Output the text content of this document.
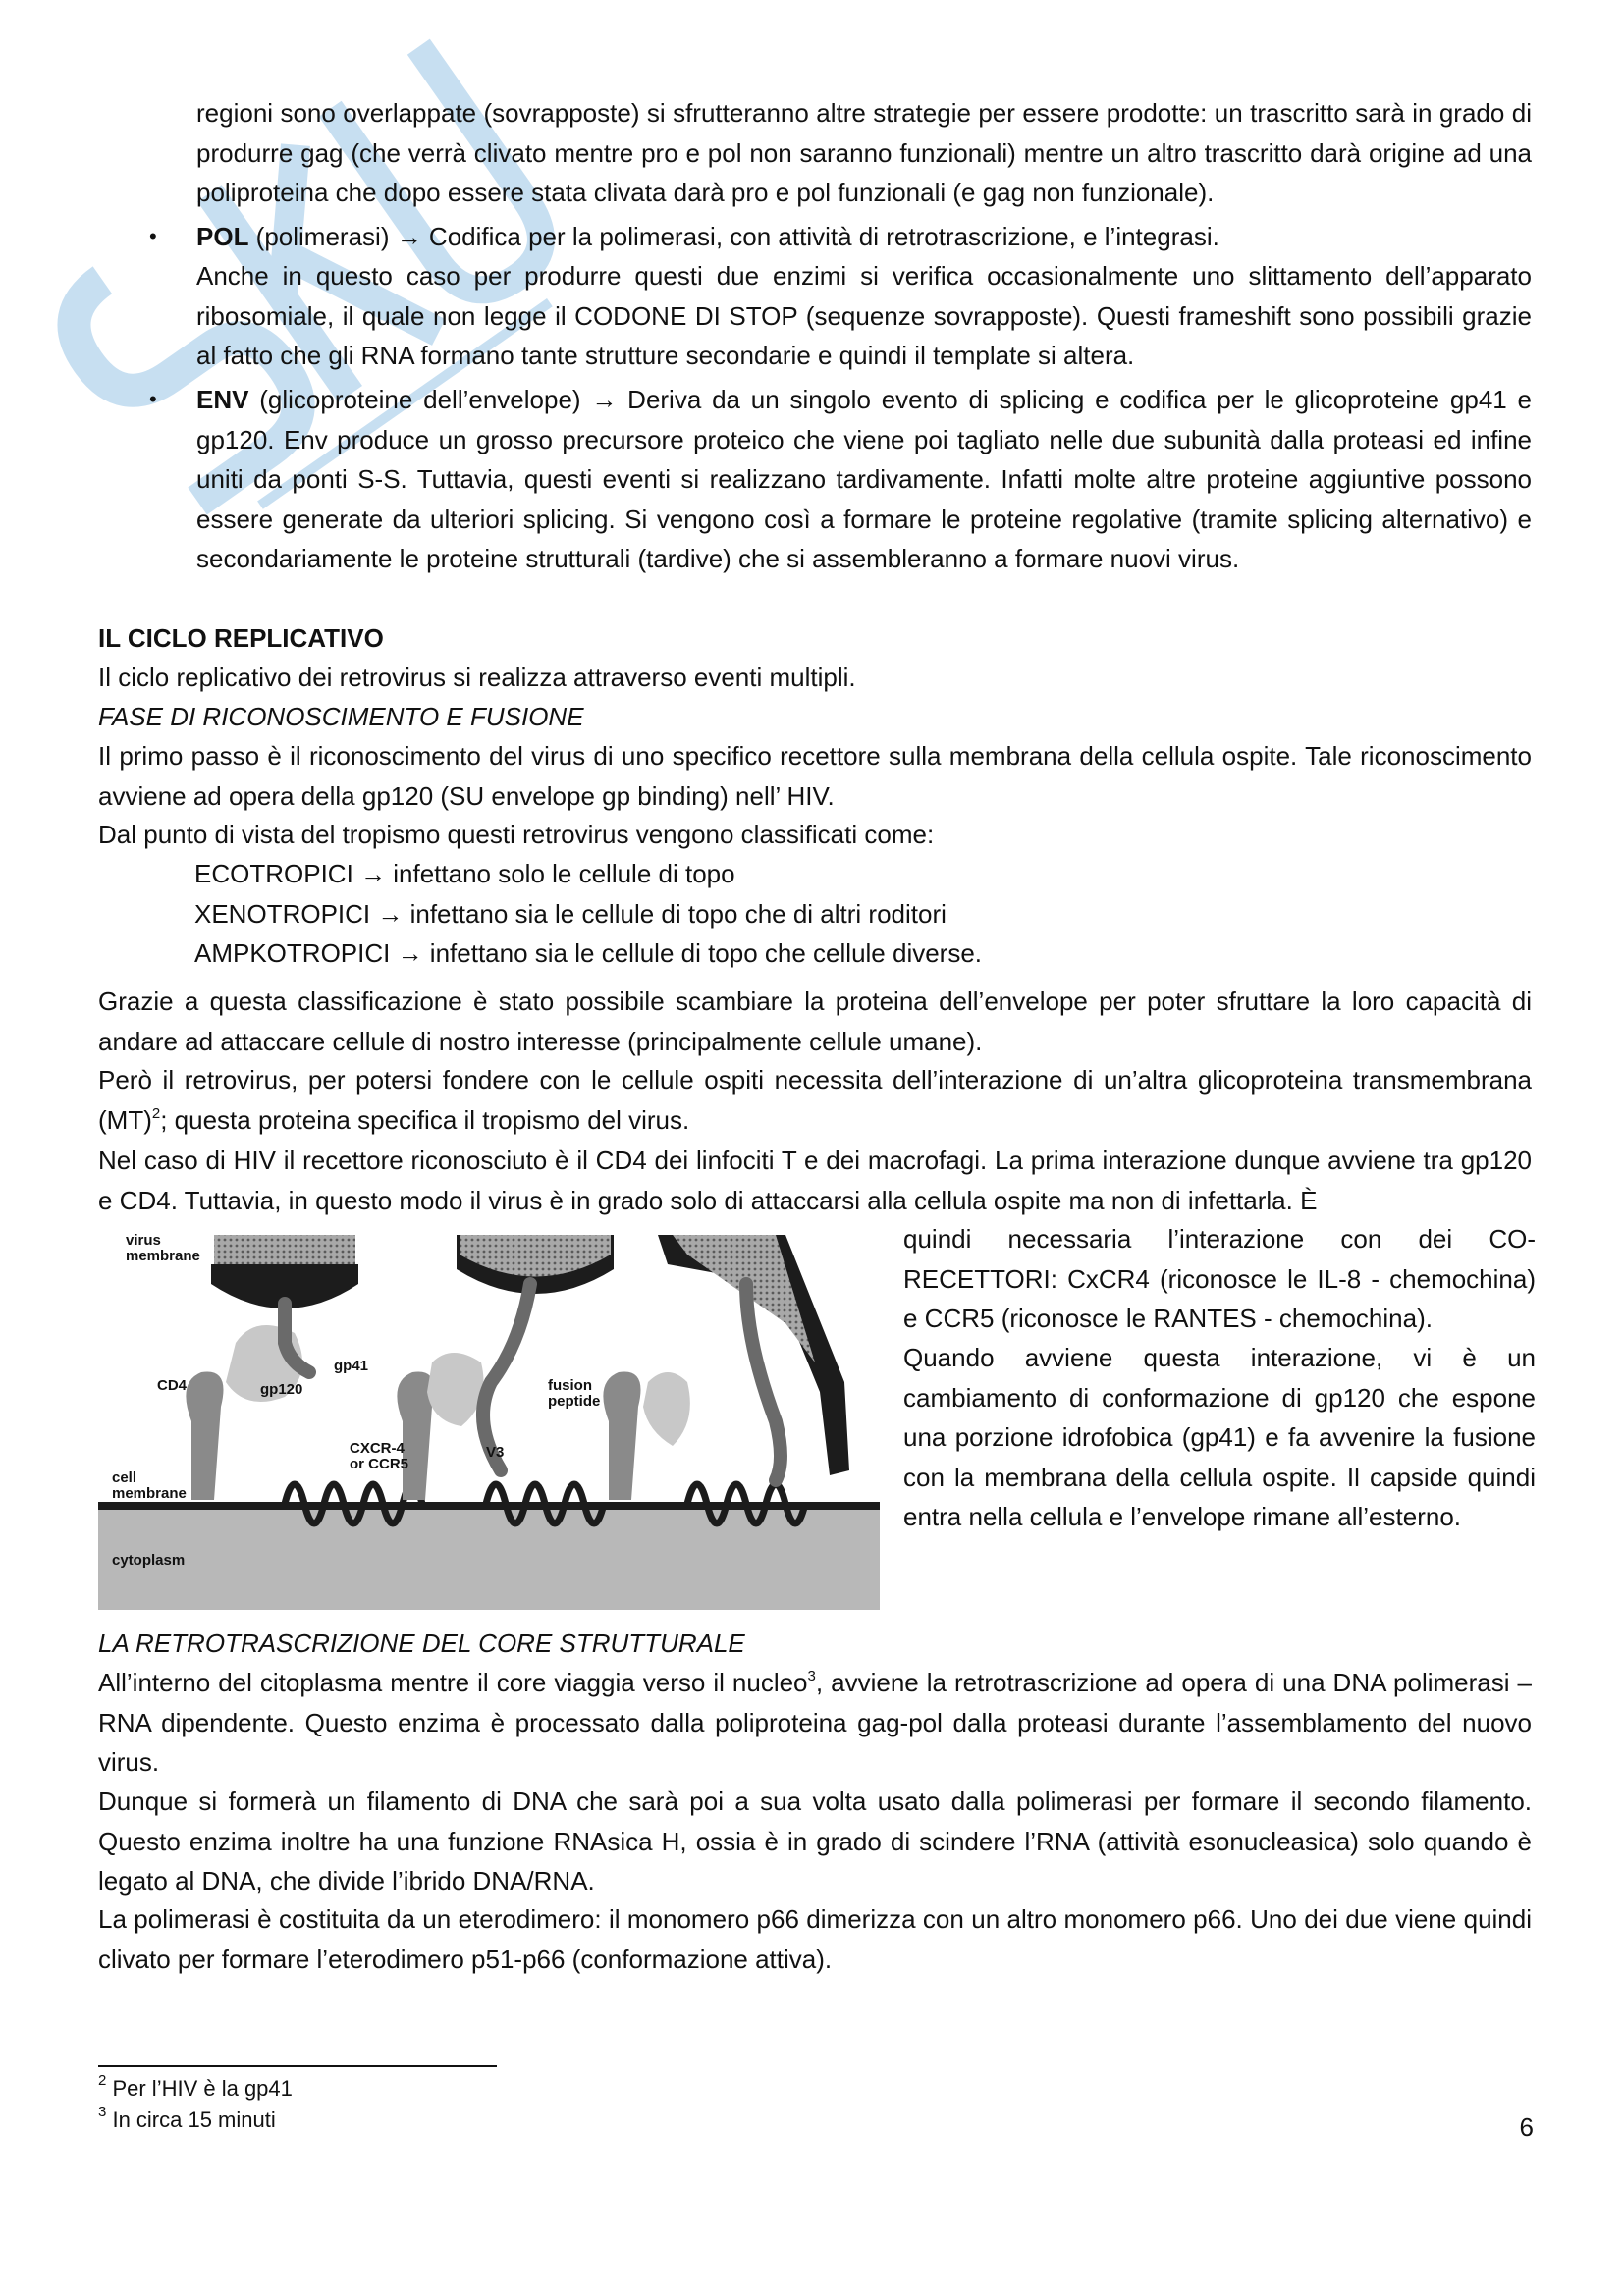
regioni sono overlappate (sovrapposte) si sfrutteranno altre strategie per essere prodotte: un trascritto sarà in grado di produrre gag (che verrà clivato mentre pro e pol non saranno funzionali) mentre un altro trascritto darà origine ad una poliproteina che dopo essere stata clivata darà pro e pol funzionali (e gag non funzionale).
• POL (polimerasi) → Codifica per la polimerasi, con attività di retrotrascrizione, e l’integrasi.
Anche in questo caso per produrre questi due enzimi si verifica occasionalmente uno slittamento dell’apparato ribosomiale, il quale non legge il CODONE DI STOP (sequenze sovrapposte). Questi frameshift sono possibili grazie al fatto che gli RNA formano tante strutture secondarie e quindi il template si altera.
• ENV (glicoproteine dell’envelope) → Deriva da un singolo evento di splicing e codifica per le glicoproteine gp41 e gp120. Env produce un grosso precursore proteico che viene poi tagliato nelle due subunità dalla proteasi ed infine uniti da ponti S-S. Tuttavia, questi eventi si realizzano tardivamente. Infatti molte altre proteine aggiuntive possono essere generate da ulteriori splicing. Si vengono così a formare le proteine regolative (tramite splicing alternativo) e secondariamente le proteine strutturali (tardive) che si assembleranno a formare nuovi virus.
IL CICLO REPLICATIVO
Il ciclo replicativo dei retrovirus si realizza attraverso eventi multipli.
FASE DI RICONOSCIMENTO E FUSIONE
Il primo passo è il riconoscimento del virus di uno specifico recettore sulla membrana della cellula ospite. Tale riconoscimento avviene ad opera della gp120 (SU envelope gp binding) nell’ HIV.
Dal punto di vista del tropismo questi retrovirus vengono classificati come:
ECOTROPICI → infettano solo le cellule di topo
XENOTROPICI → infettano sia le cellule di topo che di altri roditori
AMPKOTROPICI → infettano sia le cellule di topo che cellule diverse.
Grazie a questa classificazione è stato possibile scambiare la proteina dell’envelope per poter sfruttare la loro capacità di andare ad attaccare cellule di nostro interesse (principalmente cellule umane).
Però il retrovirus, per potersi fondere con le cellule ospiti necessita dell’interazione di un’altra glicoproteina transmembrana (MT)$^2$; questa proteina specifica il tropismo del virus.
Nel caso di HIV il recettore riconosciuto è il CD4 dei linfociti T e dei macrofagi. La prima interazione dunque avviene tra gp120 e CD4. Tuttavia, in questo modo il virus è in grado solo di attaccarsi alla cellula ospite ma non di infettarla. È
virus
membrane
gp41
CD4	gp120	fusion
peptide
CXCR-4
or CCR5
V3
cell
membrane
cytoplasm
quindi necessaria l’interazione con dei CO-RECETTORI: CxCR4 (riconosce le IL-8 - chemochina) e CCR5 (riconosce le RANTES - chemochina).
Quando avviene questa interazione, vi è un cambiamento di conformazione di gp120 che espone una porzione idrofobica (gp41) e fa avvenire la fusione con la membrana della cellula ospite. Il capside quindi entra nella cellula e l’envelope rimane all’esterno.
LA RETROTRASCRIZIONE DEL CORE STRUTTURALE
All’interno del citoplasma mentre il core viaggia verso il nucleo$^3$, avviene la retrotrascrizione ad opera di una DNA polimerasi – RNA dipendente. Questo enzima è processato dalla poliproteina gag-pol dalla proteasi durante l’assemblamento del nuovo virus.
Dunque si formerà un filamento di DNA che sarà poi a sua volta usato dalla polimerasi per formare il secondo filamento. Questo enzima inoltre ha una funzione RNAsica H, ossia è in grado di scindere l’RNA (attività esonucleasica) solo quando è legato al DNA, che divide l’ibrido DNA/RNA.
La polimerasi è costituita da un eterodimero: il monomero p66 dimerizza con un altro monomero p66. Uno dei due viene quindi clivato per formare l’eterodimero p51-p66 (conformazione attiva).
$^2$ Per l’HIV è la gp41
$^3$ In circa 15 minuti	6
